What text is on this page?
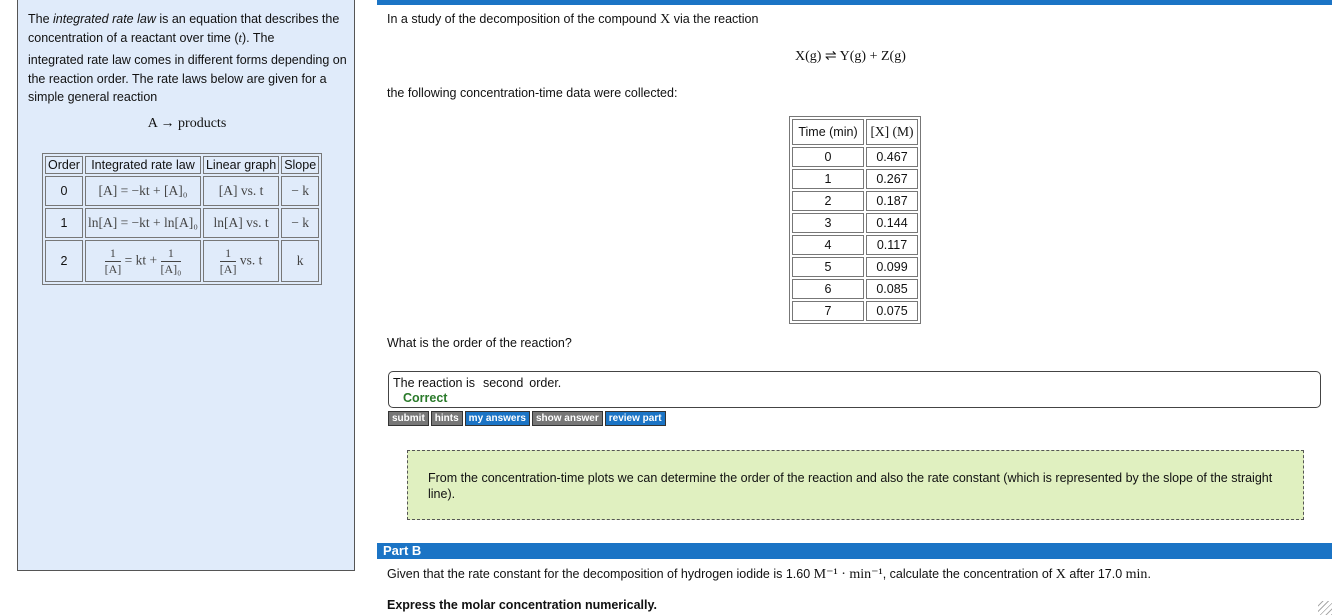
The integrated rate law is an equation that describes the concentration of a reactant over time (t). The

integrated rate law comes in different forms depending on the reaction order. The rate laws below are given for a simple general reaction

A → products
Order	Integrated rate law	Linear graph	Slope
0	[A] = −kt + [A]₀	[A] vs. t	− k
1	ln[A] = −kt + ln[A]₀	ln[A] vs. t	− k
2	$\frac{1}{[A]}$ = kt + $\frac{1}{\text{[A]₀}}$	$\frac{1}{[A]}$ vs. t	k
In a study of the decomposition of the compound X via the reaction
X(g) ⇌ Y(g) + Z(g)
the following concentration-time data were collected:
Time (min)	[X] (M)
0	0.467
1	0.267
2	0.187
3	0.144
4	0.117
5	0.099
6	0.085
7	0.075
What is the order of the reaction?
The reaction is second order.
Correct
submit	hints	my answers	show answer	review part
From the concentration-time plots we can determine the order of the reaction and also the rate constant (which is represented by the slope of the straight line).
Part B
Given that the rate constant for the decomposition of hydrogen iodide is 1.60 M⁻¹ · min⁻¹, calculate the concentration of X after 17.0 min.
Express the molar concentration numerically.
